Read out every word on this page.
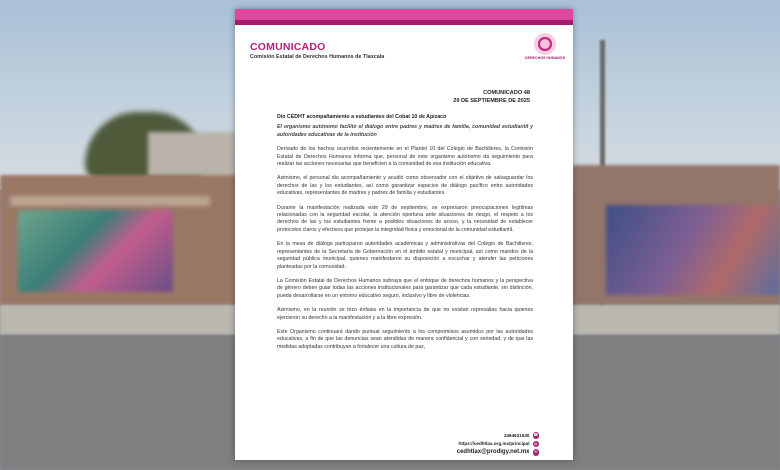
COMUNICADO
Comisión Estatal de Derechos Humanos de Tlaxcala	DERECHOS HUMANOS
COMUNICADO 48
29 DE SEPTIEMBRE DE 2025

Dio CEDHT acompañamiento a estudiantes del Cobat 10 de Apizaco

El organismo autónomo facilitó el diálogo entre padres y madres de familia, comunidad estudiantil y autoridades educativas de la institución

Derivado de los hechos ocurridos recientemente en el Plantel 10 del Colegio de Bachilleres, la Comisión Estatal de Derechos Humanos informa que, personal de este organismo autónomo da seguimiento para realizar las acciones necesarias que beneficien a la comunidad de esa institución educativa.

Asimismo, el personal dio acompañamiento y acudió como observador con el objetivo de salvaguardar los derechos de las y los estudiantes, así como garantizar espacios de diálogo pacífico entre autoridades educativas, representantes de madres y padres de familia y estudiantes.

Durante la manifestación realizada este 29 de septiembre, se expresaron preocupaciones legítimas relacionadas con la seguridad escolar, la atención oportuna ante situaciones de riesgo, el respeto a los derechos de las y los estudiantes frente a posibles situaciones de acoso, y la necesidad de establecer protocolos claros y efectivos que protejan la integridad física y emocional de la comunidad estudiantil.

En la mesa de diálogo participaron autoridades académicas y administrativas del Colegio de Bachilleres, representantes de la Secretaría de Gobernación en el ámbito estatal y municipal, así como mandos de la seguridad pública municipal, quienes manifestaron su disposición a escuchar y atender las peticiones planteadas por la comunidad.

La Comisión Estatal de Derechos Humanos subraya que el enfoque de derechos humanos y la perspectiva de género deben guiar todas las acciones institucionales para garantizar que cada estudiante, sin distinción, pueda desarrollarse en un entorno educativo seguro, inclusivo y libre de violencias.

Asimismo, en la reunión se hizo énfasis en la importancia de que no existan represalias hacia quienes ejercieron su derecho a la manifestación y a la libre expresión.

Este Organismo continuará dando puntual seguimiento a los compromisos asumidos por las autoridades educativas, a fin de que las denuncias sean atendidas de manera confidencial y con seriedad, y de que las medidas adoptadas contribuyan a fortalecer una cultura de paz,

2464621630 ☎
https://cedhtlax.org.mx/principal	◍
cedhtlax@prodigy.net.mx	✉
